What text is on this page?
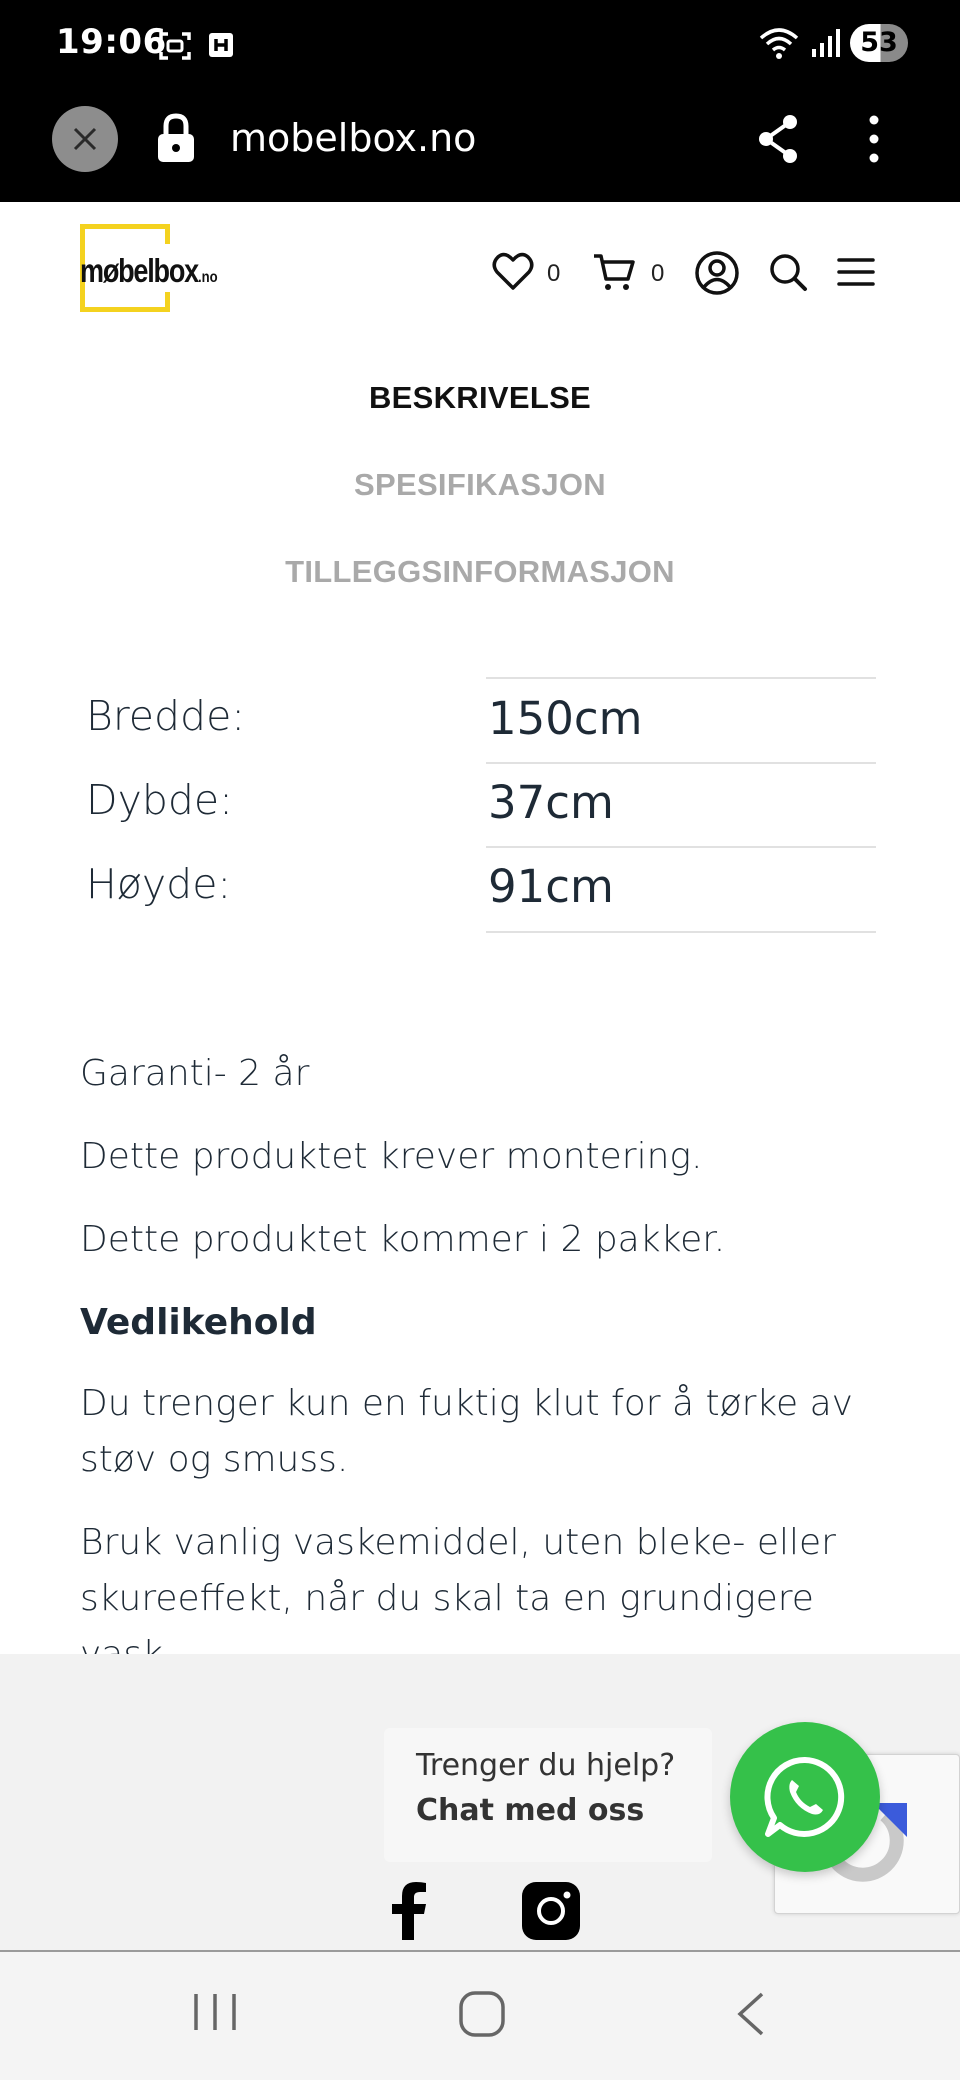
19:06	53
mobelbox.no
møbelbox.no	0	0
BESKRIVELSE
SPESIFIKASJON
TILLEGGSINFORMASJON
Bredde:	150cm
Dybde:	37cm
Høyde:	91cm
Garanti- 2 år
Dette produktet krever montering.
Dette produktet kommer i 2 pakker.
Vedlikehold
Du trenger kun en fuktig klut for å tørke av støv og smuss.
Bruk vanlig vaskemiddel, uten bleke- eller skureeffekt, når du skal ta en grundigere
Trenger du hjelp?
Chat med oss
